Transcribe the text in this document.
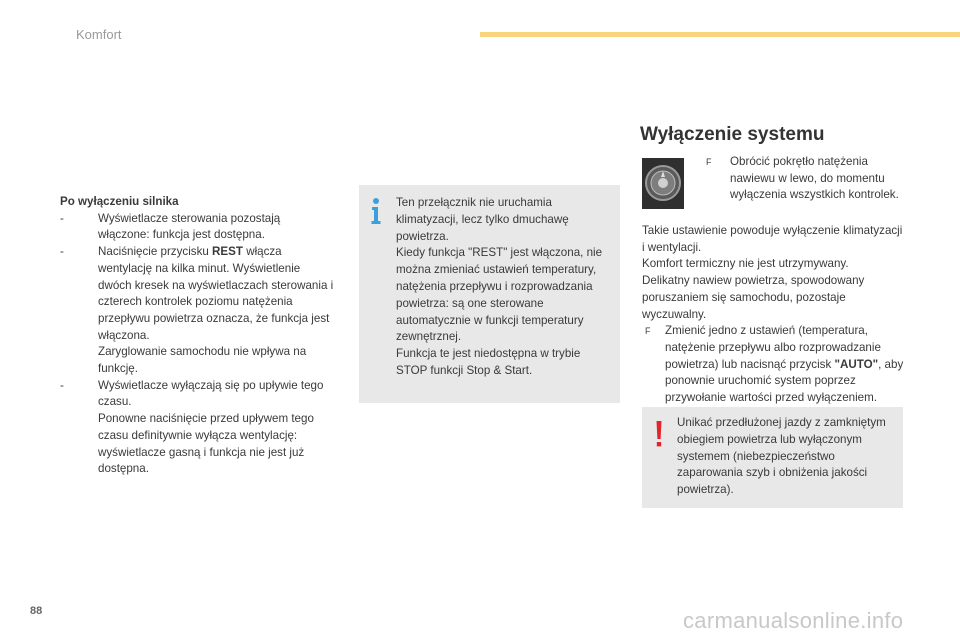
Komfort
Po wyłączeniu silnika
-	Wyświetlacze sterowania pozostają włączone: funkcja jest dostępna.

-	Naciśnięcie przycisku REST włącza wentylację na kilka minut. Wyświetlenie dwóch kresek na wyświetlaczach sterowania i czterech kontrolek poziomu natężenia przepływu powietrza oznacza, że funkcja jest włączona.

Zaryglowanie samochodu nie wpływa na funkcję.

-	Wyświetlacze wyłączają się po upływie tego czasu.

Ponowne naciśnięcie przed upływem tego czasu definitywnie wyłącza wentylację: wyświetlacze gasną i funkcja nie jest już dostępna.

Ten przełącznik nie uruchamia klimatyzacji, lecz tylko dmuchawę powietrza.
Kiedy funkcja "REST" jest włączona, nie można zmieniać ustawień temperatury, natężenia przepływu i rozprowadzania powietrza: są one sterowane automatycznie w funkcji temperatury zewnętrznej.
Funkcja te jest niedostępna w trybie STOP funkcji Stop & Start.
Wyłączenie systemu
F	Obrócić pokrętło natężenia nawiewu w lewo, do momentu wyłączenia wszystkich kontrolek.

Takie ustawienie powoduje wyłączenie klimatyzacji i wentylacji.

Komfort termiczny nie jest utrzymywany.

Delikatny nawiew powietrza, spowodowany poruszaniem się samochodu, pozostaje wyczuwalny.

F Zmienić jedno z ustawień (temperatura, natężenie przepływu albo rozprowadzanie powietrza) lub nacisnąć przycisk "AUTO", aby ponownie uruchomić system poprzez przywołanie wartości przed wyłączeniem.
Unikać przedłużonej jazdy z zamkniętym obiegiem powietrza lub wyłączonym systemem (niebezpieczeństwo zaparowania szyb i obniżenia jakości powietrza).
88	carmanualsonline.info
